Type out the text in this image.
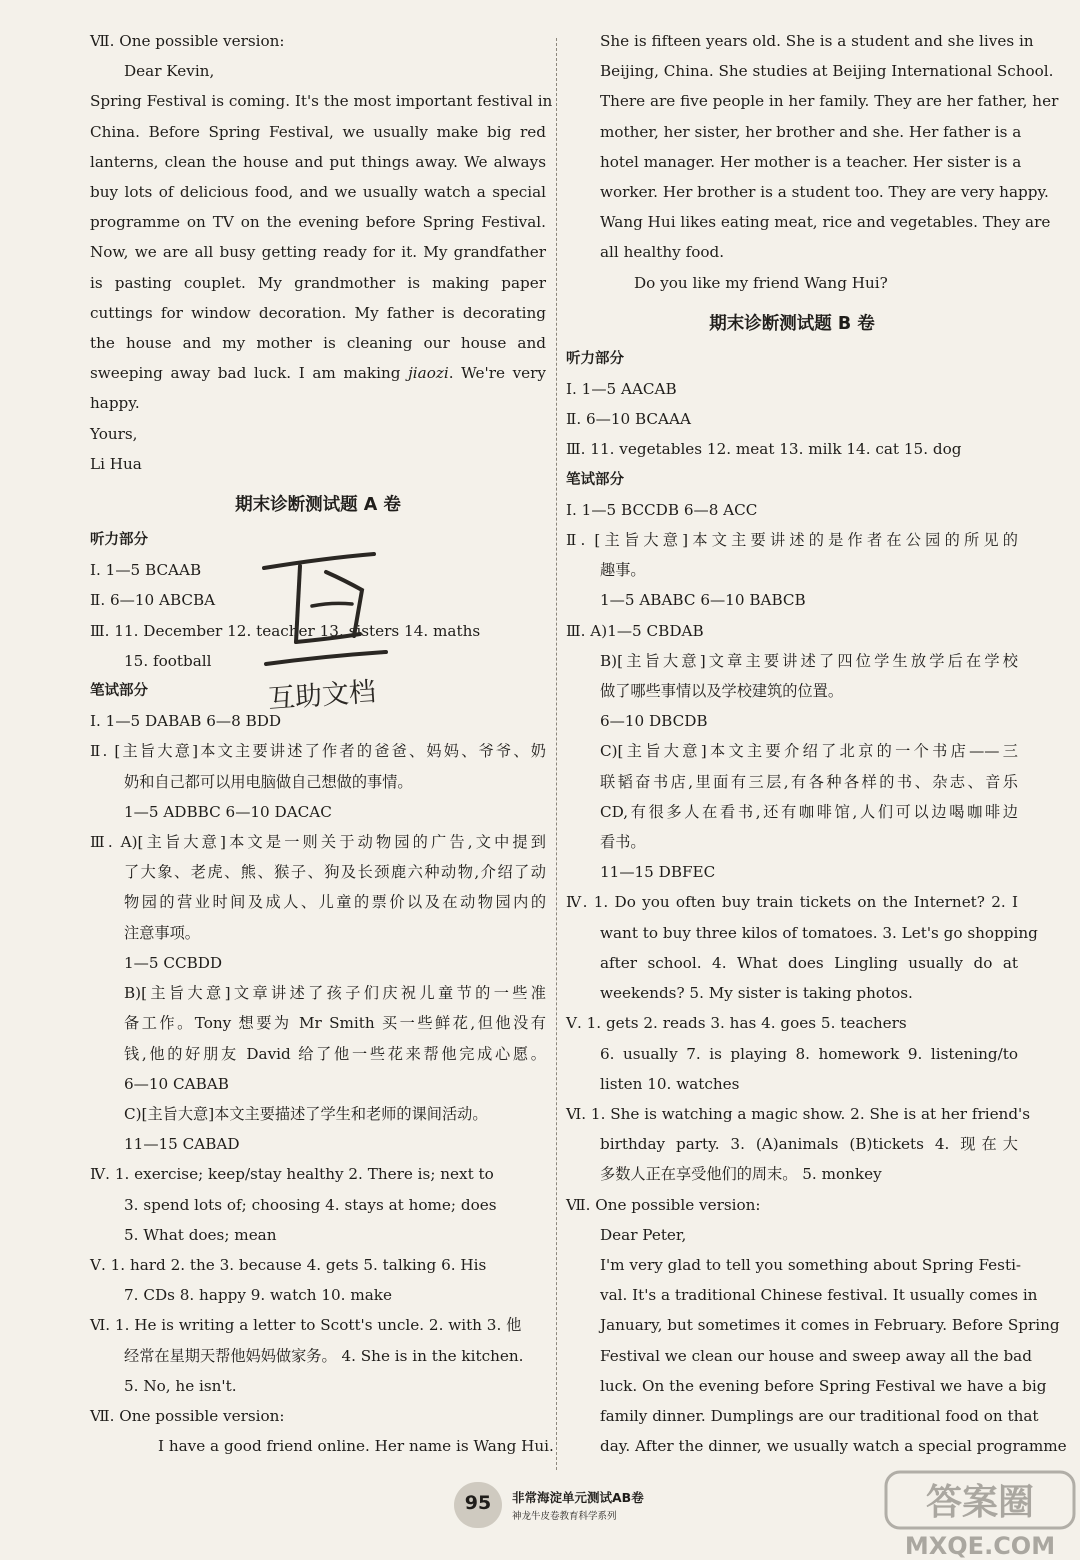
Ⅶ. One possible version:
Dear Kevin,
Spring Festival is coming. It's the most important festival in
China. Before Spring Festival, we usually make big red
lanterns, clean the house and put things away. We always
buy lots of delicious food, and we usually watch a special
programme on TV on the evening before Spring Festival.
Now, we are all busy getting ready for it. My grandfather
is pasting couplet. My grandmother is making paper
cuttings for window decoration. My father is decorating
the house and my mother is cleaning our house and
sweeping away bad luck. I am making jiaozi. We're very
happy.
Yours,
Li Hua
期末诊断测试题 A 卷
听力部分
Ⅰ. 1—5 BCAAB
Ⅱ. 6—10 ABCBA
Ⅲ. 11. December 12. teacher 13. sisters 14. maths
15. football
笔试部分
Ⅰ. 1—5 DABAB 6—8 BDD
Ⅱ. [主旨大意]本文主要讲述了作者的爸爸、妈妈、爷爷、奶
奶和自己都可以用电脑做自己想做的事情。
1—5 ADBBC 6—10 DACAC
Ⅲ. A)[主旨大意]本文是一则关于动物园的广告,文中提到
了大象、老虎、熊、猴子、狗及长颈鹿六种动物,介绍了动
物园的营业时间及成人、儿童的票价以及在动物园内的
注意事项。
1—5 CCBDD
B)[主旨大意]文章讲述了孩子们庆祝儿童节的一些准
备工作。Tony 想要为 Mr Smith 买一些鲜花,但他没有
钱,他的好朋友 David 给了他一些花来帮他完成心愿。
6—10 CABAB
C)[主旨大意]本文主要描述了学生和老师的课间活动。
11—15 CABAD
Ⅳ. 1. exercise; keep/stay healthy 2. There is; next to
3. spend lots of; choosing 4. stays at home; does
5. What does; mean
Ⅴ. 1. hard 2. the 3. because 4. gets 5. talking 6. His
7. CDs 8. happy 9. watch 10. make
Ⅵ. 1. He is writing a letter to Scott's uncle. 2. with 3. 他
经常在星期天帮他妈妈做家务。 4. She is in the kitchen.
5. No, he isn't.
Ⅶ. One possible version:
I have a good friend online. Her name is Wang Hui.
互助文档
She is fifteen years old. She is a student and she lives in
Beijing, China. She studies at Beijing International School.
There are five people in her family. They are her father, her
mother, her sister, her brother and she. Her father is a
hotel manager. Her mother is a teacher. Her sister is a
worker. Her brother is a student too. They are very happy.
Wang Hui likes eating meat, rice and vegetables. They are
all healthy food.
Do you like my friend Wang Hui?
期末诊断测试题 B 卷
听力部分
Ⅰ. 1—5 AACAB
Ⅱ. 6—10 BCAAA
Ⅲ. 11. vegetables 12. meat 13. milk 14. cat 15. dog
笔试部分
Ⅰ. 1—5 BCCDB 6—8 ACC
Ⅱ. [主旨大意]本文主要讲述的是作者在公园的所见的
趣事。
1—5 ABABC 6—10 BABCB
Ⅲ. A)1—5 CBDAB
B)[主旨大意]文章主要讲述了四位学生放学后在学校
做了哪些事情以及学校建筑的位置。
6—10 DBCDB
C)[主旨大意]本文主要介绍了北京的一个书店——三
联韬奋书店,里面有三层,有各种各样的书、杂志、音乐
CD,有很多人在看书,还有咖啡馆,人们可以边喝咖啡边
看书。
11—15 DBFEC
Ⅳ. 1. Do you often buy train tickets on the Internet? 2. I
want to buy three kilos of tomatoes. 3. Let's go shopping
after school. 4. What does Lingling usually do at
weekends? 5. My sister is taking photos.
Ⅴ. 1. gets 2. reads 3. has 4. goes 5. teachers
6. usually 7. is playing 8. homework 9. listening/to
listen 10. watches
Ⅵ. 1. She is watching a magic show. 2. She is at her friend's
birthday party. 3. (A)animals (B)tickets 4. 现在大
多数人正在享受他们的周末。 5. monkey
Ⅶ. One possible version:
Dear Peter,
I'm very glad to tell you something about Spring Festi-
val. It's a traditional Chinese festival. It usually comes in
January, but sometimes it comes in February. Before Spring
Festival we clean our house and sweep away all the bad
luck. On the evening before Spring Festival we have a big
family dinner. Dumplings are our traditional food on that
day. After the dinner, we usually watch a special programme
95	非常海淀单元测试AB卷
神龙牛皮卷教育科学系列	答案圈
MXQE.COM
